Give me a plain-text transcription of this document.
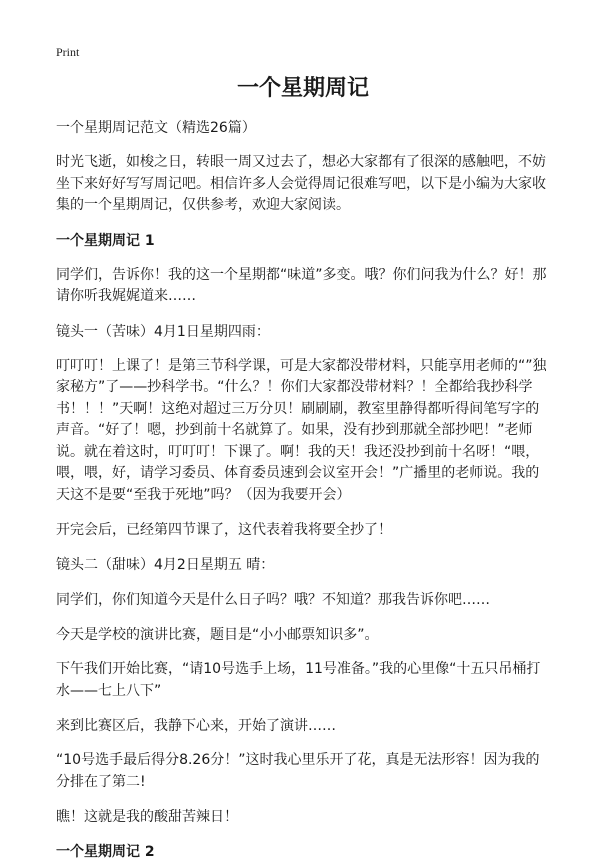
Print
一个星期周记
一个星期周记范文（精选26篇）

时光飞逝，如梭之日，转眼一周又过去了，想必大家都有了很深的感触吧，不妨坐下来好好写写周记吧。相信许多人会觉得周记很难写吧，以下是小编为大家收集的一个星期周记，仅供参考，欢迎大家阅读。

一个星期周记 1

同学们，告诉你！我的这一个星期都“味道”多变。哦？你们问我为什么？好！那请你听我娓娓道来……

镜头一（苦味）4月1日星期四雨：

叮叮叮！上课了！是第三节科学课，可是大家都没带材料，只能享用老师的“”独家秘方”了——抄科学书。“什么？！你们大家都没带材料？！全都给我抄科学书！！！”天啊！这绝对超过三万分贝！刷刷刷，教室里静得都听得间笔写字的声音。“好了！嗯，抄到前十名就算了。如果，没有抄到那就全部抄吧！”老师说。就在着这时，叮叮叮！下课了。啊！我的天！我还没抄到前十名呀！“喂，喂，喂，好，请学习委员、体育委员速到会议室开会！”广播里的老师说。我的天这不是要“至我于死地”吗？（因为我要开会）

开完会后，已经第四节课了，这代表着我将要全抄了！

镜头二（甜味）4月2日星期五 晴：

同学们，你们知道今天是什么日子吗？哦？不知道？那我告诉你吧……

今天是学校的演讲比赛，题目是“小小邮票知识多”。

下午我们开始比赛，“请10号选手上场，11号准备。”我的心里像“十五只吊桶打水——七上八下”

来到比赛区后，我静下心来，开始了演讲……

“10号选手最后得分8.26分！”这时我心里乐开了花，真是无法形容！因为我的分排在了第二!

瞧！这就是我的酸甜苦辣日！

一个星期周记 2
